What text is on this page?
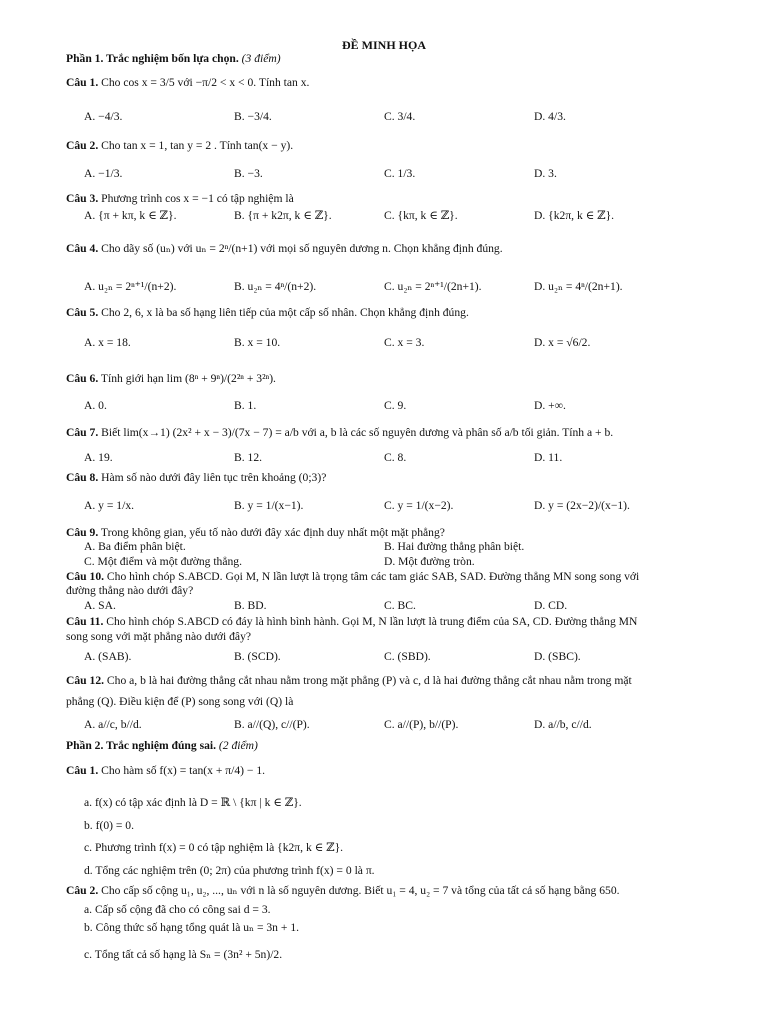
ĐỀ MINH HỌA
Phần 1. Trắc nghiệm bốn lựa chọn. (3 điểm)
Câu 1. Cho cos x = 3/5 với −π/2 < x < 0. Tính tan x.
A. −4/3.	B. −3/4.	C. 3/4.	D. 4/3.
Câu 2. Cho tan x = 1, tan y = 2 . Tính tan(x − y).
A. −1/3.	B. −3.	C. 1/3.	D. 3.
Câu 3. Phương trình cos x = −1 có tập nghiệm là
A. {π + kπ, k ∈ ℤ}.	B. {π + k2π, k ∈ ℤ}.	C. {kπ, k ∈ ℤ}.	D. {k2π, k ∈ ℤ}.
Câu 4. Cho dãy số (uₙ) với uₙ = 2ⁿ/(n+1) với mọi số nguyên dương n. Chọn khẳng định đúng.
A. u₂ₙ = 2ⁿ⁺¹/(n+2).	B. u₂ₙ = 4ⁿ/(n+2).	C. u₂ₙ = 2ⁿ⁺¹/(2n+1).	D. u₂ₙ = 4ⁿ/(2n+1).
Câu 5. Cho 2, 6, x là ba số hạng liên tiếp của một cấp số nhân. Chọn khẳng định đúng.
A. x = 18.	B. x = 10.	C. x = 3.	D. x = √6/2.
Câu 6. Tính giới hạn lim (8ⁿ + 9ⁿ)/(2²ⁿ + 3²ⁿ).
A. 0.	B. 1.	C. 9.	D. +∞.
Câu 7. Biết lim(x→1) (2x² + x − 3)/(7x − 7) = a/b với a, b là các số nguyên dương và phân số a/b tối giản. Tính a + b.
A. 19.	B. 12.	C. 8.	D. 11.
Câu 8. Hàm số nào dưới đây liên tục trên khoảng (0;3)?
A. y = 1/x.	B. y = 1/(x−1).	C. y = 1/(x−2).	D. y = (2x−2)/(x−1).
Câu 9. Trong không gian, yếu tố nào dưới đây xác định duy nhất một mặt phẳng?
A. Ba điểm phân biệt.	B. Hai đường thẳng phân biệt.
C. Một điểm và một đường thẳng.	D. Một đường tròn.
Câu 10. Cho hình chóp S.ABCD. Gọi M, N lần lượt là trọng tâm các tam giác SAB, SAD. Đường thẳng MN song song với
đường thẳng nào dưới đây?
A. SA.	B. BD.	C. BC.	D. CD.
Câu 11. Cho hình chóp S.ABCD có đáy là hình bình hành. Gọi M, N lần lượt là trung điểm của SA, CD. Đường thẳng MN
song song với mặt phẳng nào dưới đây?
A. (SAB).	B. (SCD).	C. (SBD).	D. (SBC).
Câu 12. Cho a, b là hai đường thẳng cắt nhau nằm trong mặt phẳng (P) và c, d là hai đường thẳng cắt nhau nằm trong mặt
phẳng (Q). Điều kiện để (P) song song với (Q) là
A. a//c, b//d.	B. a//(Q), c//(P).	C. a//(P), b//(P).	D. a//b, c//d.
Phần 2. Trắc nghiệm đúng sai. (2 điểm)
Câu 1. Cho hàm số f(x) = tan(x + π/4) − 1.
a. f(x) có tập xác định là D = ℝ \ {kπ | k ∈ ℤ}.
b. f(0) = 0.
c. Phương trình f(x) = 0 có tập nghiệm là {k2π, k ∈ ℤ}.
d. Tổng các nghiệm trên (0; 2π) của phương trình f(x) = 0 là π.
Câu 2. Cho cấp số cộng u₁, u₂, ..., uₙ với n là số nguyên dương. Biết u₁ = 4, u₂ = 7 và tổng của tất cả số hạng bằng 650.
a. Cấp số cộng đã cho có công sai d = 3.
b. Công thức số hạng tổng quát là uₙ = 3n + 1.
c. Tổng tất cả số hạng là Sₙ = (3n² + 5n)/2.
